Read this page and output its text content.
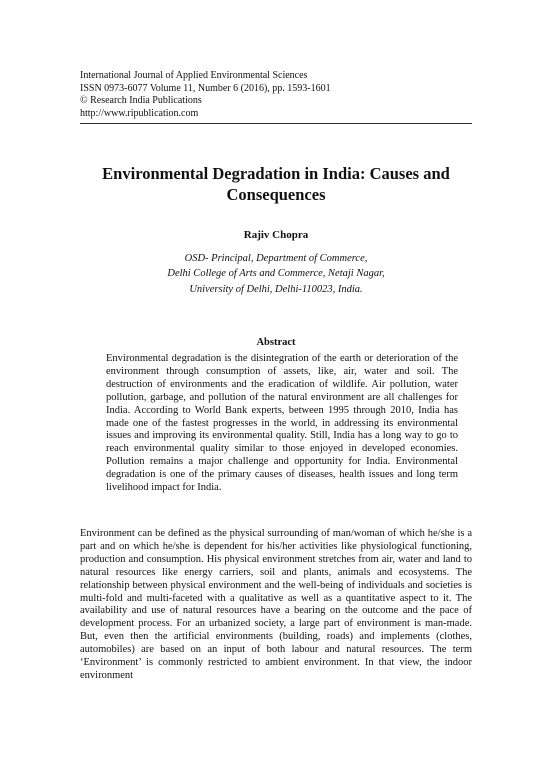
International Journal of Applied Environmental Sciences
ISSN 0973-6077 Volume 11, Number 6 (2016), pp. 1593-1601
© Research India Publications
http://www.ripublication.com
Environmental Degradation in India: Causes and Consequences
Rajiv Chopra
OSD- Principal, Department of Commerce,
Delhi College of Arts and Commerce, Netaji Nagar,
University of Delhi, Delhi-110023, India.
Abstract
Environmental degradation is the disintegration of the earth or deterioration of the environment through consumption of assets, like, air, water and soil. The destruction of environments and the eradication of wildlife. Air pollution, water pollution, garbage, and pollution of the natural environment are all challenges for India. According to World Bank experts, between 1995 through 2010, India has made one of the fastest progresses in the world, in addressing its environmental issues and improving its environmental quality. Still, India has a long way to go to reach environmental quality similar to those enjoyed in developed economies. Pollution remains a major challenge and opportunity for India. Environmental degradation is one of the primary causes of diseases, health issues and long term livelihood impact for India.
Environment can be defined as the physical surrounding of man/woman of which he/she is a part and on which he/she is dependent for his/her activities like physiological functioning, production and consumption. His physical environment stretches from air, water and land to natural resources like energy carriers, soil and plants, animals and ecosystems. The relationship between physical environment and the well-being of individuals and societies is multi-fold and multi-faceted with a qualitative as well as a quantitative aspect to it. The availability and use of natural resources have a bearing on the outcome and the pace of development process. For an urbanized society, a large part of environment is man-made. But, even then the artificial environments (building, roads) and implements (clothes, automobiles) are based on an input of both labour and natural resources. The term ‘Environment’ is commonly restricted to ambient environment. In that view, the indoor environment
